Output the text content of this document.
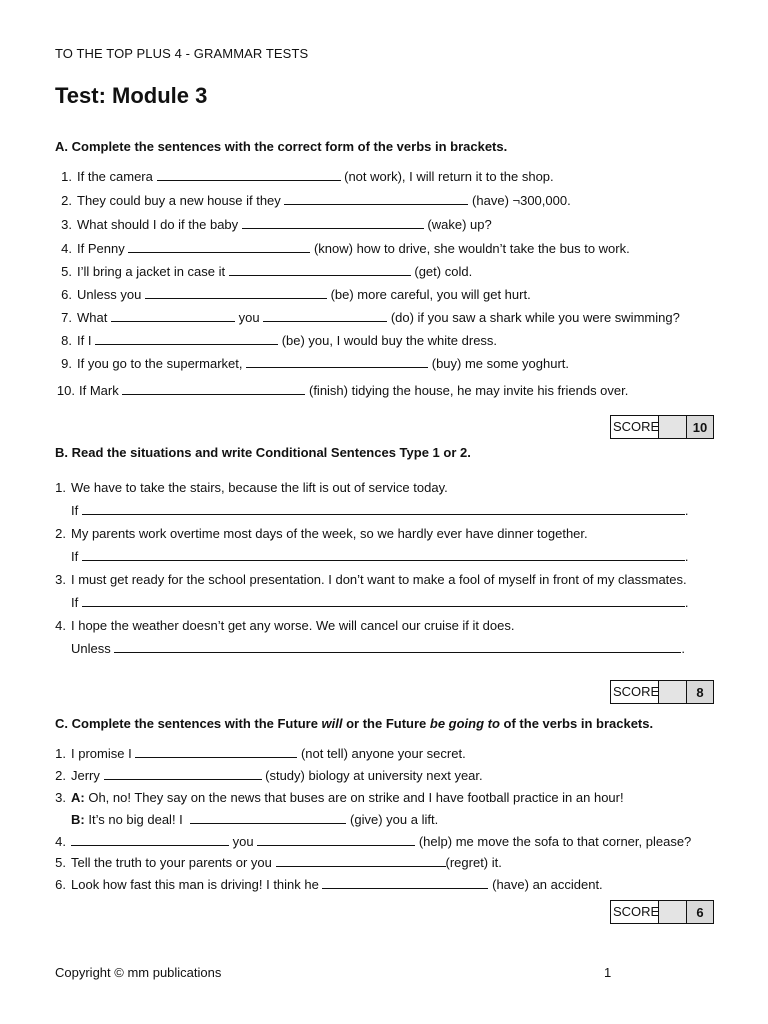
TO THE TOP PLUS 4 - GRAMMAR TESTS
Test: Module 3
A. Complete the sentences with the correct form of the verbs in brackets.
1. If the camera	(not work), I will return it to the shop.
2. They could buy a new house if they	(have) ¬300,000.
3. What should I do if the baby	(wake) up?
4. If Penny	(know) how to drive, she wouldn’t take the bus to work.
5. I’ll bring a jacket in case it	(get) cold.
6. Unless you	(be) more careful, you will get hurt.
7. What	you	(do) if you saw a shark while you were swimming?
8. If I	(be) you, I would buy the white dress.
9. If you go to the supermarket,	(buy) me some yoghurt.
10. If Mark	(finish) tidying the house, he may invite his friends over.
SCORE	10
B. Read the situations and write Conditional Sentences Type 1 or 2.
1. We have to take the stairs, because the lift is out of service today.
If	.
2. My parents work overtime most days of the week, so we hardly ever have dinner together.
If	.
3. I must get ready for the school presentation. I don’t want to make a fool of myself in front of my classmates.
If	.
4. I hope the weather doesn’t get any worse. We will cancel our cruise if it does.
Unless	.
SCORE	8
C. Complete the sentences with the Future will or the Future be going to of the verbs in brackets.
1. I promise I	(not tell) anyone your secret.
2. Jerry	(study) biology at university next year.
3. A: Oh, no! They say on the news that buses are on strike and I have football practice in an hour!
B: It’s no big deal! I	(give) you a lift.
4.	you	(help) me move the sofa to that corner, please?
5. Tell the truth to your parents or you	(regret) it.
6. Look how fast this man is driving! I think he	(have) an accident.
SCORE	6
Copyright © mm publications	1
